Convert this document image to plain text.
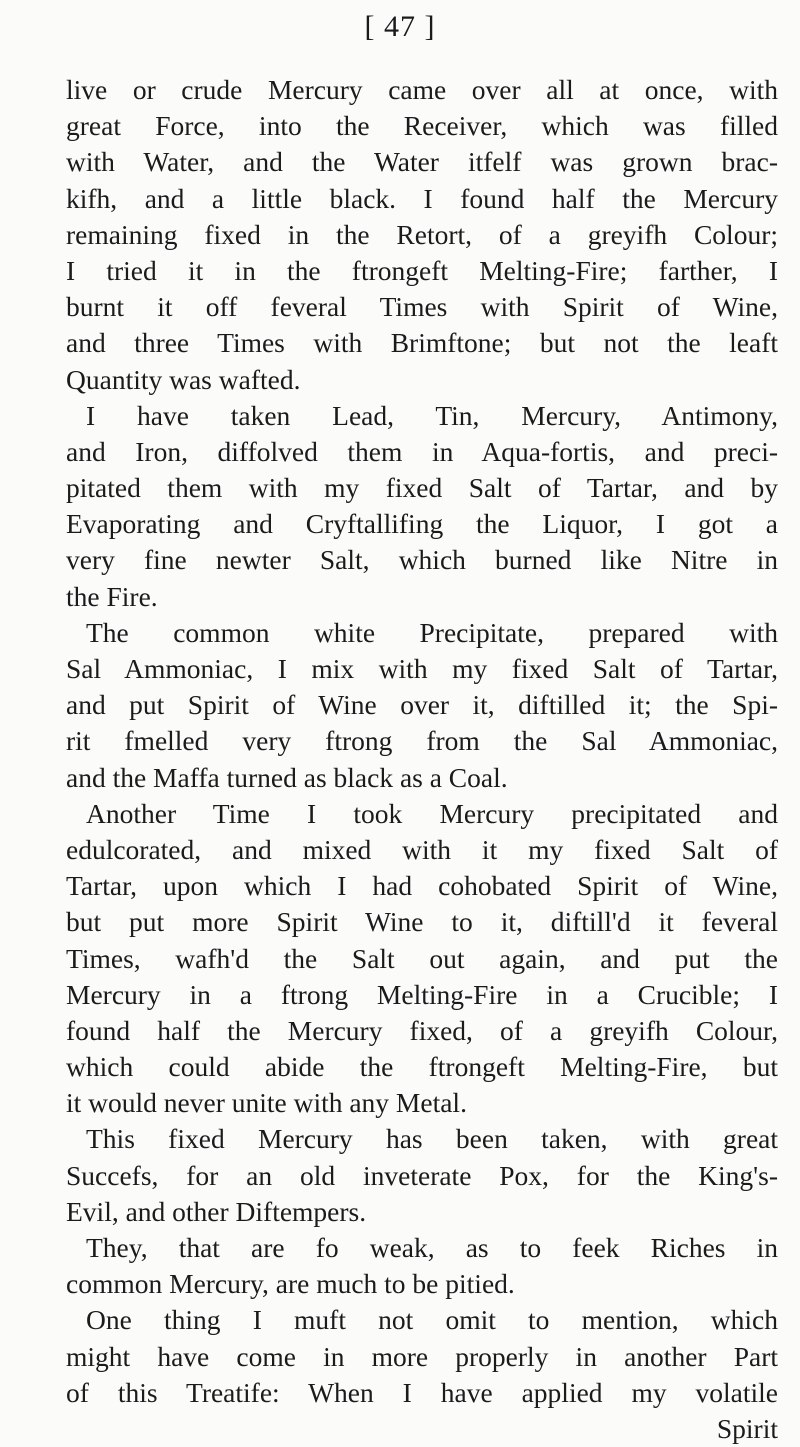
[ 47 ]
live or crude Mercury came over all at once, with
great Force, into the Receiver, which was filled
with Water, and the Water itfelf was grown brac-
kifh, and a little black. I found half the Mercury
remaining fixed in the Retort, of a greyifh Colour;
I tried it in the ftrongeft Melting-Fire; farther, I
burnt it off feveral Times with Spirit of Wine,
and three Times with Brimftone; but not the leaft
Quantity was wafted.
I have taken Lead, Tin, Mercury, Antimony,
and Iron, diffolved them in Aqua-fortis, and preci-
pitated them with my fixed Salt of Tartar, and by
Evaporating and Cryftallifing the Liquor, I got a
very fine newter Salt, which burned like Nitre in
the Fire.
The common white Precipitate, prepared with
Sal Ammoniac, I mix with my fixed Salt of Tartar,
and put Spirit of Wine over it, diftilled it; the Spi-
rit fmelled very ftrong from the Sal Ammoniac,
and the Maffa turned as black as a Coal.
Another Time I took Mercury precipitated and
edulcorated, and mixed with it my fixed Salt of
Tartar, upon which I had cohobated Spirit of Wine,
but put more Spirit Wine to it, diftill'd it feveral
Times, wafh'd the Salt out again, and put the
Mercury in a ftrong Melting-Fire in a Crucible; I
found half the Mercury fixed, of a greyifh Colour,
which could abide the ftrongeft Melting-Fire, but
it would never unite with any Metal.
This fixed Mercury has been taken, with great
Succefs, for an old inveterate Pox, for the King's-
Evil, and other Diftempers.
They, that are fo weak, as to feek Riches in
common Mercury, are much to be pitied.
One thing I muft not omit to mention, which
might have come in more properly in another Part
of this Treatife: When I have applied my volatile
Spirit
